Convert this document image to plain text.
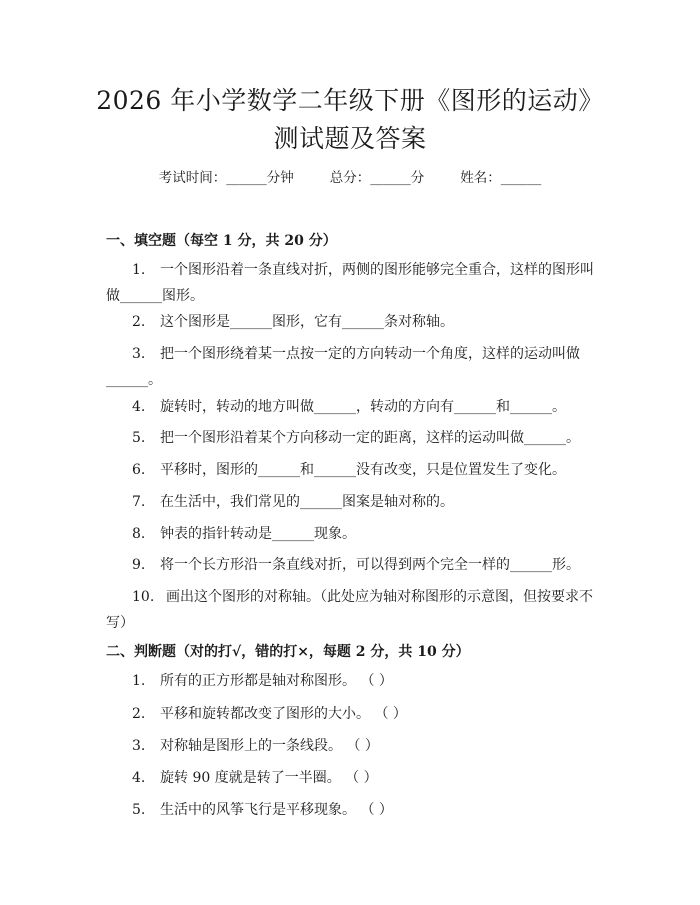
2026 年小学数学二年级下册《图形的运动》
测试题及答案
考试时间：______分钟	总分：______分	姓名：______
一、填空题（每空 1 分，共 20 分）
1. 一个图形沿着一条直线对折，两侧的图形能够完全重合，这样的图形叫做______图形。
2. 这个图形是______图形，它有______条对称轴。
3. 把一个图形绕着某一点按一定的方向转动一个角度，这样的运动叫做______。
4. 旋转时，转动的地方叫做______，转动的方向有______和______。
5. 把一个图形沿着某个方向移动一定的距离，这样的运动叫做______。
6. 平移时，图形的______和______没有改变，只是位置发生了变化。
7. 在生活中，我们常见的______图案是轴对称的。
8. 钟表的指针转动是______现象。
9. 将一个长方形沿一条直线对折，可以得到两个完全一样的______形。
10. 画出这个图形的对称轴。（此处应为轴对称图形的示意图，但按要求不写）
二、判断题（对的打√，错的打×，每题 2 分，共 10 分）
1. 所有的正方形都是轴对称图形。 （ ）
2. 平移和旋转都改变了图形的大小。 （ ）
3. 对称轴是图形上的一条线段。 （ ）
4. 旋转 90 度就是转了一半圈。 （ ）
5. 生活中的风筝飞行是平移现象。 （ ）
